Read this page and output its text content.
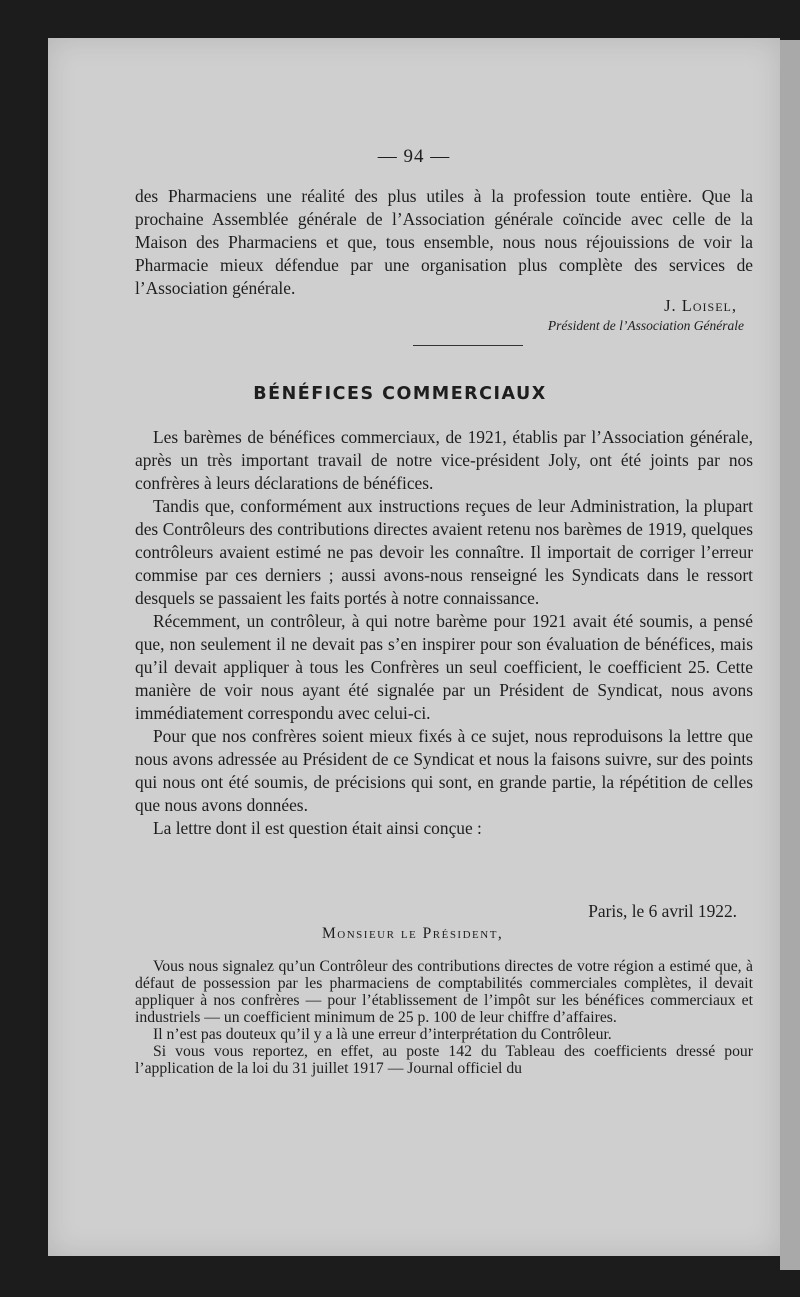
— 94 —

des Pharmaciens une réalité des plus utiles à la profession toute entière. Que la prochaine Assemblée générale de l’Association générale coïncide avec celle de la Maison des Pharmaciens et que, tous ensemble, nous nous réjouissions de voir la Pharmacie mieux défendue par une organisation plus complète des services de l’Association générale.

J. Loisel,
Président de l’Association Générale
BÉNÉFICES COMMERCIAUX

Les barèmes de bénéfices commerciaux, de 1921, établis par l’Association générale, après un très important travail de notre vice-président Joly, ont été joints par nos confrères à leurs déclarations de bénéfices.

Tandis que, conformément aux instructions reçues de leur Administration, la plupart des Contrôleurs des contributions directes avaient retenu nos barèmes de 1919, quelques contrôleurs avaient estimé ne pas devoir les connaître. Il importait de corriger l’erreur commise par ces derniers ; aussi avons-nous renseigné les Syndicats dans le ressort desquels se passaient les faits portés à notre connaissance.

Récemment, un contrôleur, à qui notre barème pour 1921 avait été soumis, a pensé que, non seulement il ne devait pas s’en inspirer pour son évaluation de bénéfices, mais qu’il devait appliquer à tous les Confrères un seul coefficient, le coefficient 25. Cette manière de voir nous ayant été signalée par un Président de Syndicat, nous avons immédiatement correspondu avec celui-ci.

Pour que nos confrères soient mieux fixés à ce sujet, nous reproduisons la lettre que nous avons adressée au Président de ce Syndicat et nous la faisons suivre, sur des points qui nous ont été soumis, de précisions qui sont, en grande partie, la répétition de celles que nous avons données.

La lettre dont il est question était ainsi conçue :

Paris, le 6 avril 1922.
Monsieur le Président,

Vous nous signalez qu’un Contrôleur des contributions directes de votre région a estimé que, à défaut de possession par les pharmaciens de comptabilités commerciales complètes, il devait appliquer à nos confrères — pour l’établissement de l’impôt sur les bénéfices commerciaux et industriels — un coefficient minimum de 25 p. 100 de leur chiffre d’affaires.

Il n’est pas douteux qu’il y a là une erreur d’interprétation du Contrôleur.

Si vous vous reportez, en effet, au poste 142 du Tableau des coefficients dressé pour l’application de la loi du 31 juillet 1917 — Journal officiel du
